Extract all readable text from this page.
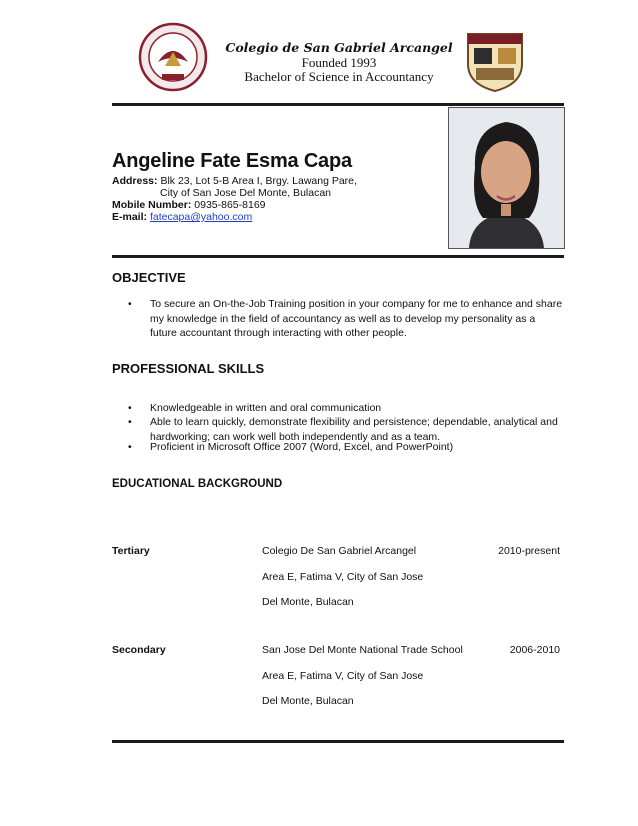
Colegio de San Gabriel Arcangel
Founded 1993
Bachelor of Science in Accountancy
Angeline Fate Esma Capa
Address: Blk 23, Lot 5-B Area I, Brgy. Lawang Pare,
City of San Jose Del Monte, Bulacan
Mobile Number: 0935-865-8169
E-mail: fatecapa@yahoo.com
OBJECTIVE
• To secure an On-the-Job Training position in your company for me to enhance and share
my knowledge in the field of accountancy as well as to develop my personality as a
future accountant through interacting with other people.
PROFESSIONAL SKILLS
• Knowledgeable in written and oral communication
• Able to learn quickly, demonstrate flexibility and persistence; dependable, analytical and
hardworking; can work well both independently and as a team.
• Proficient in Microsoft Office 2007 (Word, Excel, and PowerPoint)
EDUCATIONAL BACKGROUND
Tertiary	Colegio De San Gabriel Arcangel	2010-present
Area E, Fatima V, City of San Jose
Del Monte, Bulacan
Secondary	San Jose Del Monte National Trade School	2006-2010
Area E, Fatima V, City of San Jose
Del Monte, Bulacan
